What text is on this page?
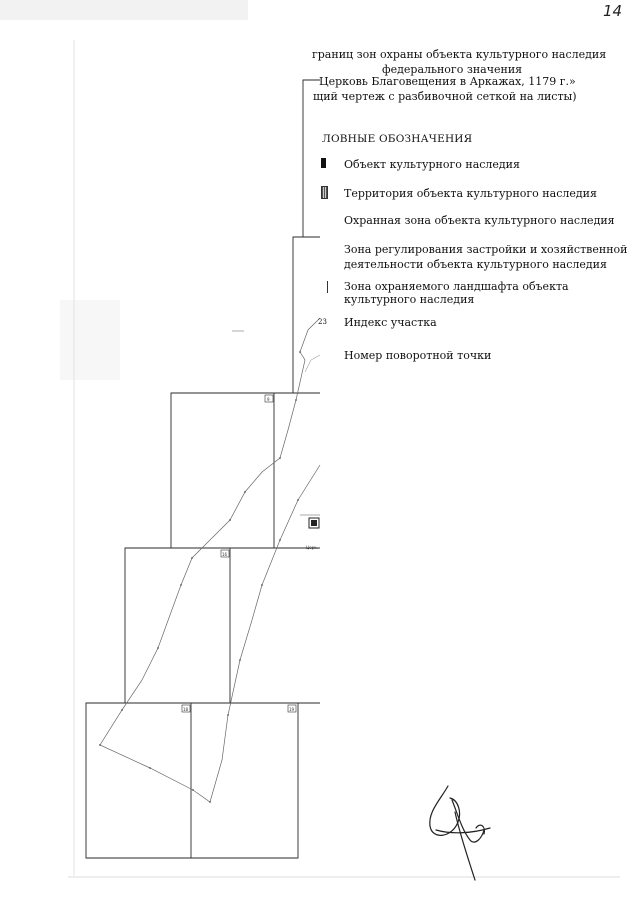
9
16
18	19
Церк.
14
границ зон охраны объекта культурного наследия
федерального значения
Церковь Благовещения в Аркажах, 1179 г.»
щий чертеж с разбивочной сеткой на листы)
ЛОВНЫЕ ОБОЗНАЧЕНИЯ
Объект культурного наследия
Территория объекта культурного наследия
Охранная зона объекта культурного наследия
Зона регулирования застройки и хозяйственной
деятельности объекта культурного наследия
Зона охраняемого ландшафта объекта
культурного наследия
23 Индекс участка
Номер поворотной точки
